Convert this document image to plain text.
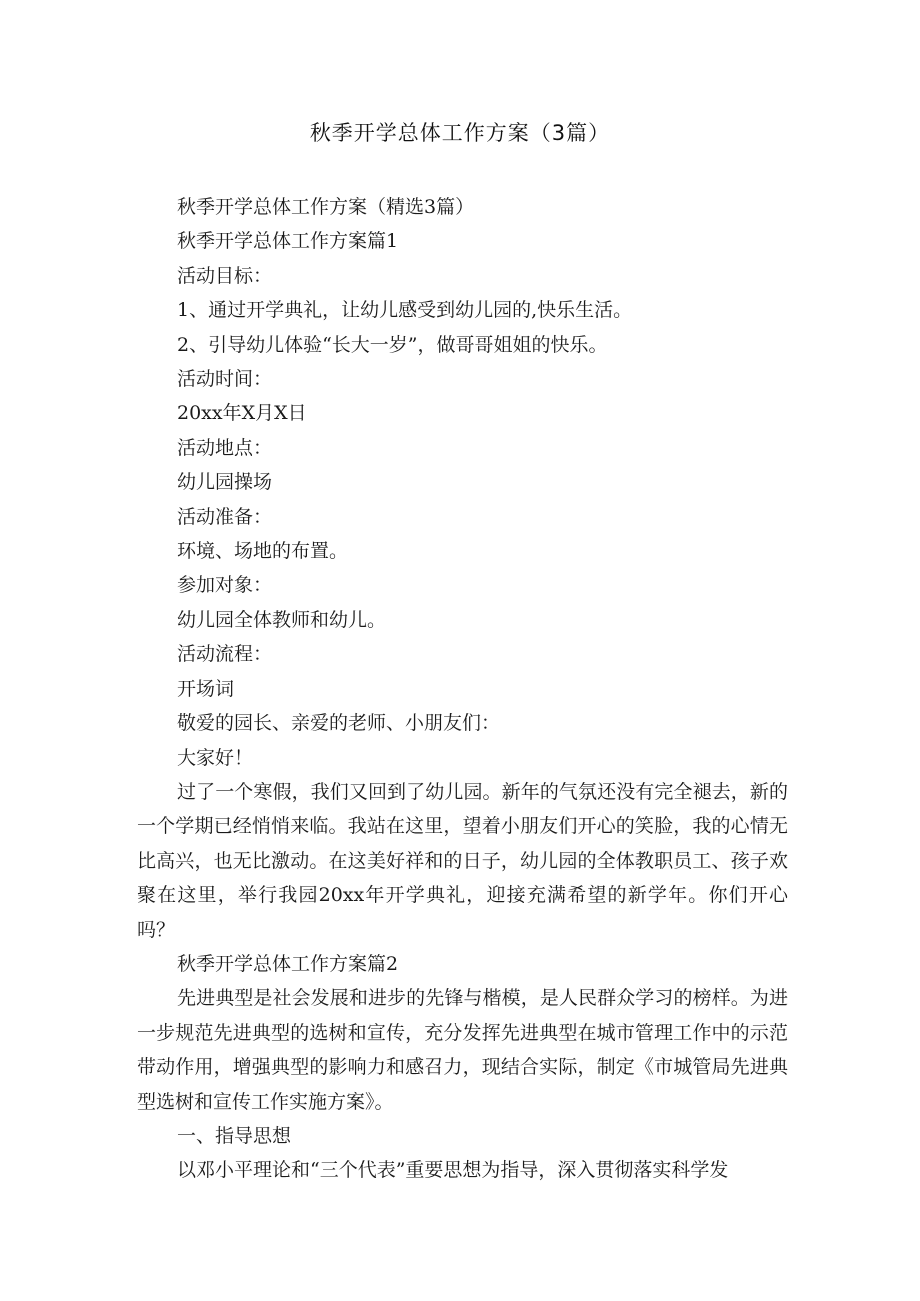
秋季开学总体工作方案（3篇）

秋季开学总体工作方案（精选3篇）

秋季开学总体工作方案篇1

活动目标：

1、通过开学典礼，让幼儿感受到幼儿园的,快乐生活。

2、引导幼儿体验“长大一岁”，做哥哥姐姐的快乐。

活动时间：

20xx年X月X日

活动地点：

幼儿园操场

活动准备：

环境、场地的布置。

参加对象：

幼儿园全体教师和幼儿。

活动流程：

开场词

敬爱的园长、亲爱的老师、小朋友们：

大家好！

过了一个寒假，我们又回到了幼儿园。新年的气氛还没有完全褪去，新的一个学期已经悄悄来临。我站在这里，望着小朋友们开心的笑脸，我的心情无比高兴，也无比激动。在这美好祥和的日子，幼儿园的全体教职员工、孩子欢聚在这里，举行我园20xx年开学典礼，迎接充满希望的新学年。你们开心吗？

秋季开学总体工作方案篇2

先进典型是社会发展和进步的先锋与楷模，是人民群众学习的榜样。为进一步规范先进典型的选树和宣传，充分发挥先进典型在城市管理工作中的示范带动作用，增强典型的影响力和感召力，现结合实际，制定《市城管局先进典型选树和宣传工作实施方案》。

一、指导思想

以邓小平理论和“三个代表”重要思想为指导，深入贯彻落实科学发
